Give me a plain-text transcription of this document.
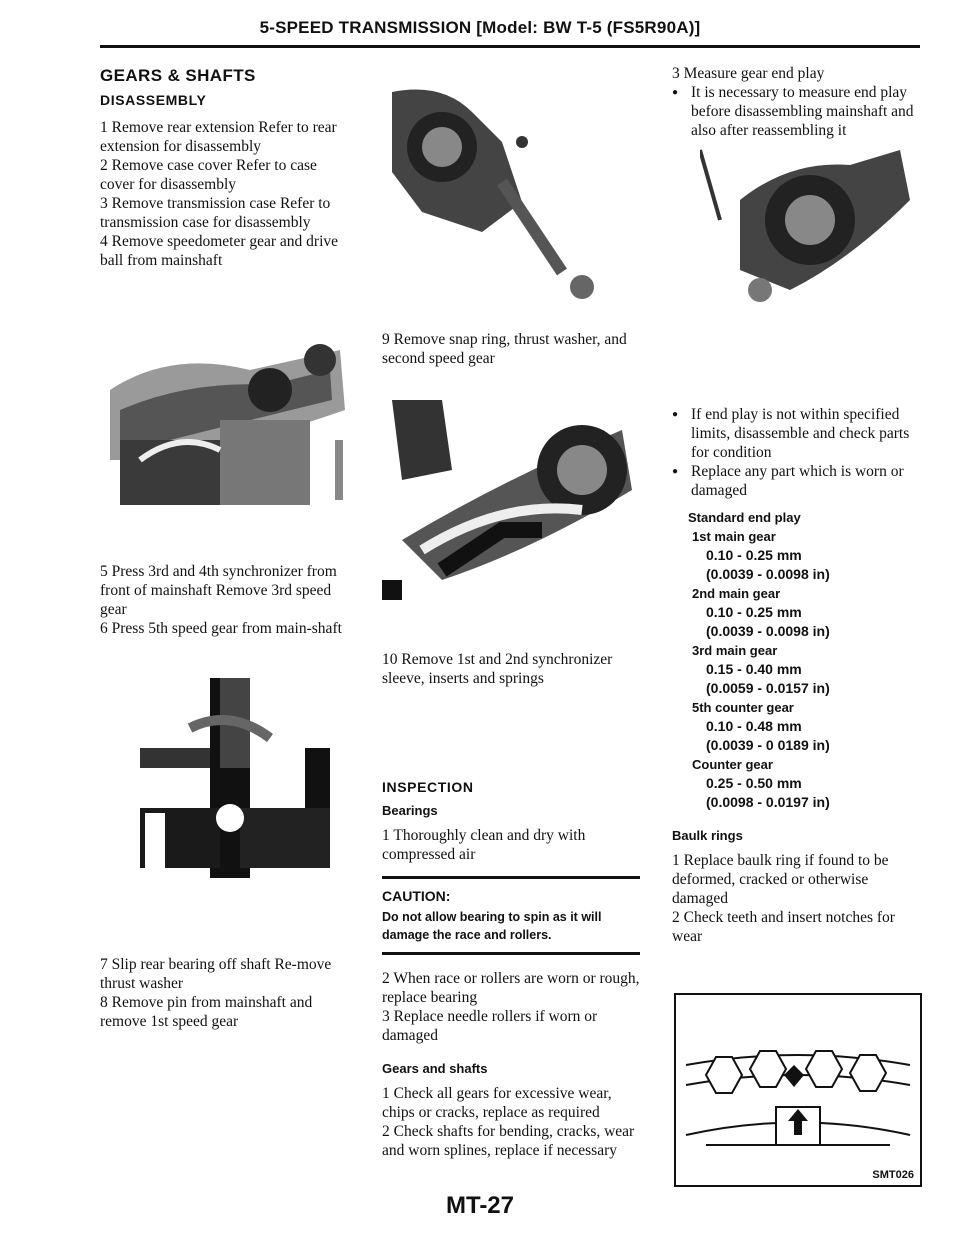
5-SPEED TRANSMISSION [Model: BW T-5 (FS5R90A)]
GEARS & SHAFTS
DISASSEMBLY

1 Remove rear extension Refer to rear extension for disassembly

2 Remove case cover Refer to case cover for disassembly

3 Remove transmission case Refer to transmission case for disassembly

4 Remove speedometer gear and drive ball from mainshaft

5 Press 3rd and 4th synchronizer from front of mainshaft Remove 3rd speed gear

6 Press 5th speed gear from main-shaft

7 Slip rear bearing off shaft Re-move thrust washer

8 Remove pin from mainshaft and remove 1st speed gear

9 Remove snap ring, thrust washer, and second speed gear

10 Remove 1st and 2nd synchronizer sleeve, inserts and springs

INSPECTION
Bearings

1 Thoroughly clean and dry with compressed air

CAUTION:
Do not allow bearing to spin as it will damage the race and rollers.

2 When race or rollers are worn or rough, replace bearing

3 Replace needle rollers if worn or damaged

Gears and shafts

1 Check all gears for excessive wear, chips or cracks, replace as required

2 Check shafts for bending, cracks, wear and worn splines, replace if necessary

3 Measure gear end play

● It is necessary to measure end play before disassembling mainshaft and also after reassembling it

● If end play is not within specified limits, disassemble and check parts for condition

● Replace any part which is worn or damaged

Standard end play
1st main gear
0.10 - 0.25 mm
(0.0039 - 0.0098 in)
2nd main gear
0.10 - 0.25 mm
(0.0039 - 0.0098 in)
3rd main gear
0.15 - 0.40 mm
(0.0059 - 0.0157 in)
5th counter gear
0.10 - 0.48 mm
(0.0039 - 0 0189 in)
Counter gear
0.25 - 0.50 mm
(0.0098 - 0.0197 in)
Baulk rings

1 Replace baulk ring if found to be deformed, cracked or otherwise damaged

2 Check teeth and insert notches for wear

SMT026
MT-27
